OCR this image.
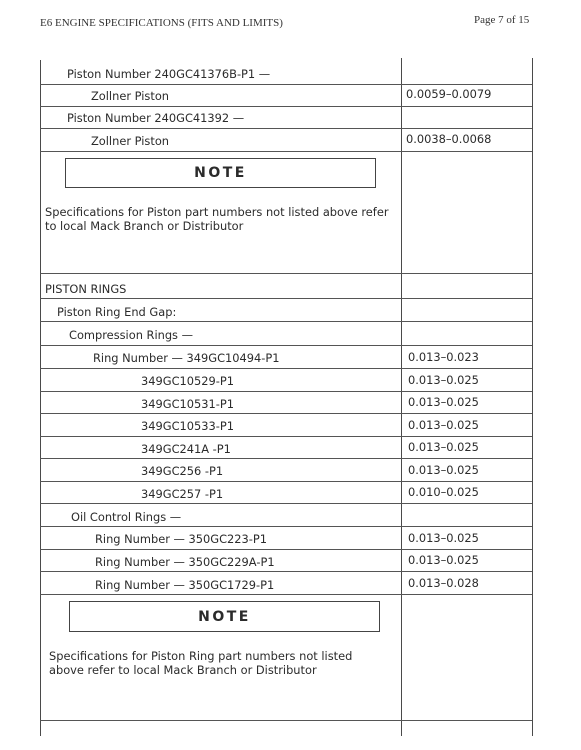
E6 ENGINE SPECIFICATIONS (FITS AND LIMITS)	Page 7 of 15
Piston Number 240GC41376B-P1 —
Zollner Piston	0.0059–0.0079
Piston Number 240GC41392 —
Zollner Piston	0.0038–0.0068
NOTE
Specifications for Piston part numbers not listed above refer to local Mack Branch or Distributor
PISTON RINGS
Piston Ring End Gap:
Compression Rings —
Ring Number — 349GC10494-P1	0.013–0.023
349GC10529-P1	0.013–0.025
349GC10531-P1	0.013–0.025
349GC10533-P1	0.013–0.025
349GC241A -P1	0.013–0.025
349GC256 -P1	0.013–0.025
349GC257 -P1	0.010–0.025
Oil Control Rings —
Ring Number — 350GC223-P1	0.013–0.025
Ring Number — 350GC229A-P1	0.013–0.025
Ring Number — 350GC1729-P1	0.013–0.028
NOTE
Specifications for Piston Ring part numbers not listed above refer to local Mack Branch or Distributor
